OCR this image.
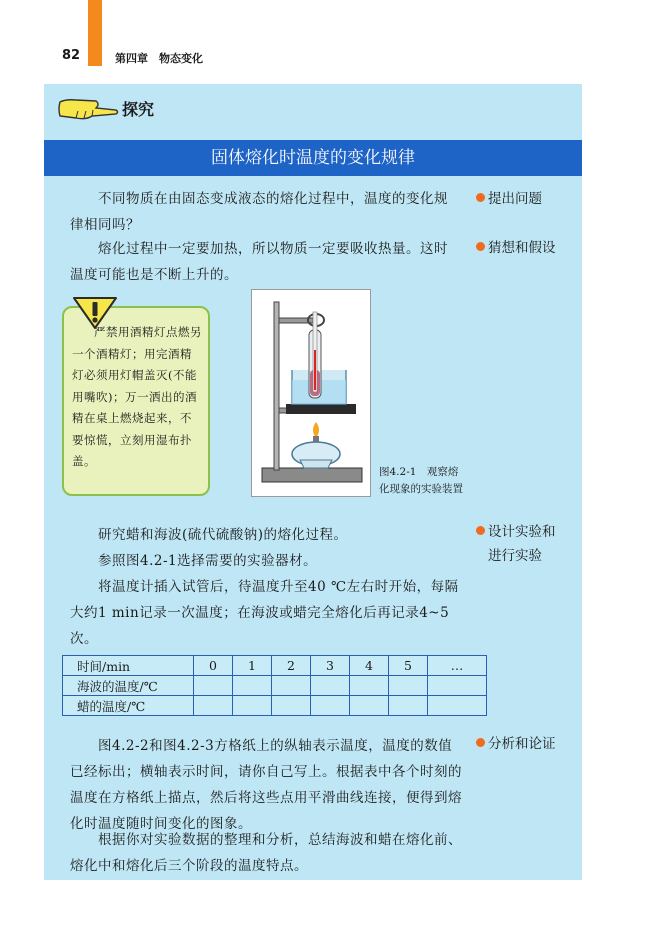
82	第四章　物态变化
探究
固体熔化时温度的变化规律
不同物质在由固态变成液态的熔化过程中，温度的变化规律相同吗？
熔化过程中一定要加热，所以物质一定要吸收热量。这时温度可能也是不断上升的。
提出问题
猜想和假设
设计实验和
进行实验
分析和论证
严禁用酒精灯点燃另一个酒精灯；用完酒精灯必须用灯帽盖灭(不能用嘴吹)；万一洒出的酒精在桌上燃烧起来，不要惊慌，立刻用湿布扑盖。
图4.2-1　观察熔
化现象的实验装置
研究蜡和海波(硫代硫酸钠)的熔化过程。
参照图4.2-1选择需要的实验器材。
将温度计插入试管后，待温度升至40 ℃左右时开始，每隔大约1 min记录一次温度；在海波或蜡完全熔化后再记录4~5次。
时间/min	0	1	2	3	4	5	…
海波的温度/℃							
蜡的温度/℃							
图4.2-2和图4.2-3方格纸上的纵轴表示温度，温度的数值已经标出；横轴表示时间，请你自己写上。根据表中各个时刻的温度在方格纸上描点，然后将这些点用平滑曲线连接，便得到熔化时温度随时间变化的图象。
根据你对实验数据的整理和分析，总结海波和蜡在熔化前、熔化中和熔化后三个阶段的温度特点。
